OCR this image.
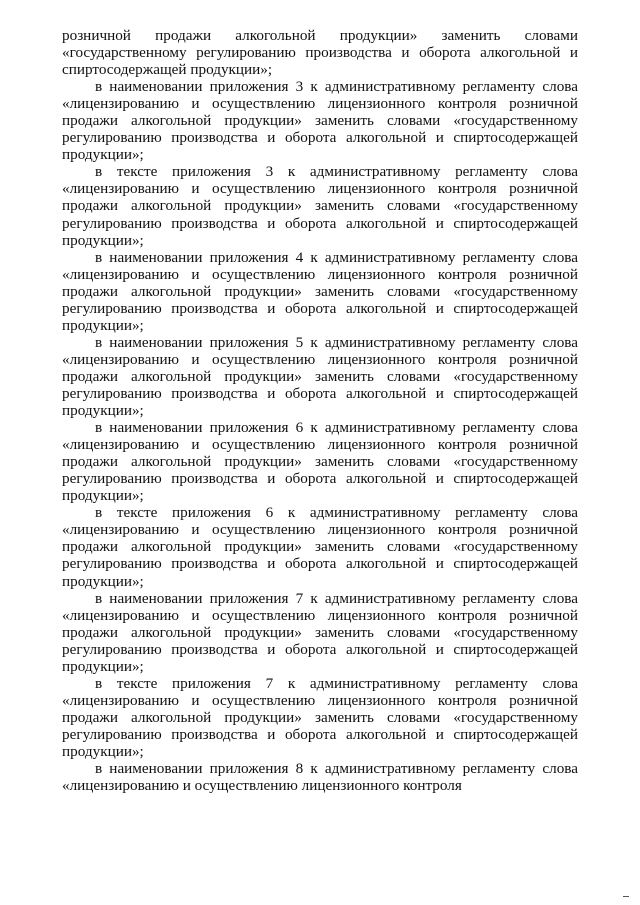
розничной продажи алкогольной продукции» заменить словами «государственному регулированию производства и оборота алкогольной и спиртосодержащей продукции»;

в наименовании приложения 3 к административному регламенту слова «лицензированию и осуществлению лицензионного контроля розничной продажи алкогольной продукции» заменить словами «государственному регулированию производства и оборота алкогольной и спиртосодержащей продукции»;

в тексте приложения 3 к административному регламенту слова «лицензированию и осуществлению лицензионного контроля розничной продажи алкогольной продукции» заменить словами «государственному регулированию производства и оборота алкогольной и спиртосодержащей продукции»;

в наименовании приложения 4 к административному регламенту слова «лицензированию и осуществлению лицензионного контроля розничной продажи алкогольной продукции» заменить словами «государственному регулированию производства и оборота алкогольной и спиртосодержащей продукции»;

в наименовании приложения 5 к административному регламенту слова «лицензированию и осуществлению лицензионного контроля розничной продажи алкогольной продукции» заменить словами «государственному регулированию производства и оборота алкогольной и спиртосодержащей продукции»;

в наименовании приложения 6 к административному регламенту слова «лицензированию и осуществлению лицензионного контроля розничной продажи алкогольной продукции» заменить словами «государственному регулированию производства и оборота алкогольной и спиртосодержащей продукции»;

в тексте приложения 6 к административному регламенту слова «лицензированию и осуществлению лицензионного контроля розничной продажи алкогольной продукции» заменить словами «государственному регулированию производства и оборота алкогольной и спиртосодержащей продукции»;

в наименовании приложения 7 к административному регламенту слова «лицензированию и осуществлению лицензионного контроля розничной продажи алкогольной продукции» заменить словами «государственному регулированию производства и оборота алкогольной и спиртосодержащей продукции»;

в тексте приложения 7 к административному регламенту слова «лицензированию и осуществлению лицензионного контроля розничной продажи алкогольной продукции» заменить словами «государственному регулированию производства и оборота алкогольной и спиртосодержащей продукции»;

в наименовании приложения 8 к административному регламенту слова «лицензированию и осуществлению лицензионного контроля
